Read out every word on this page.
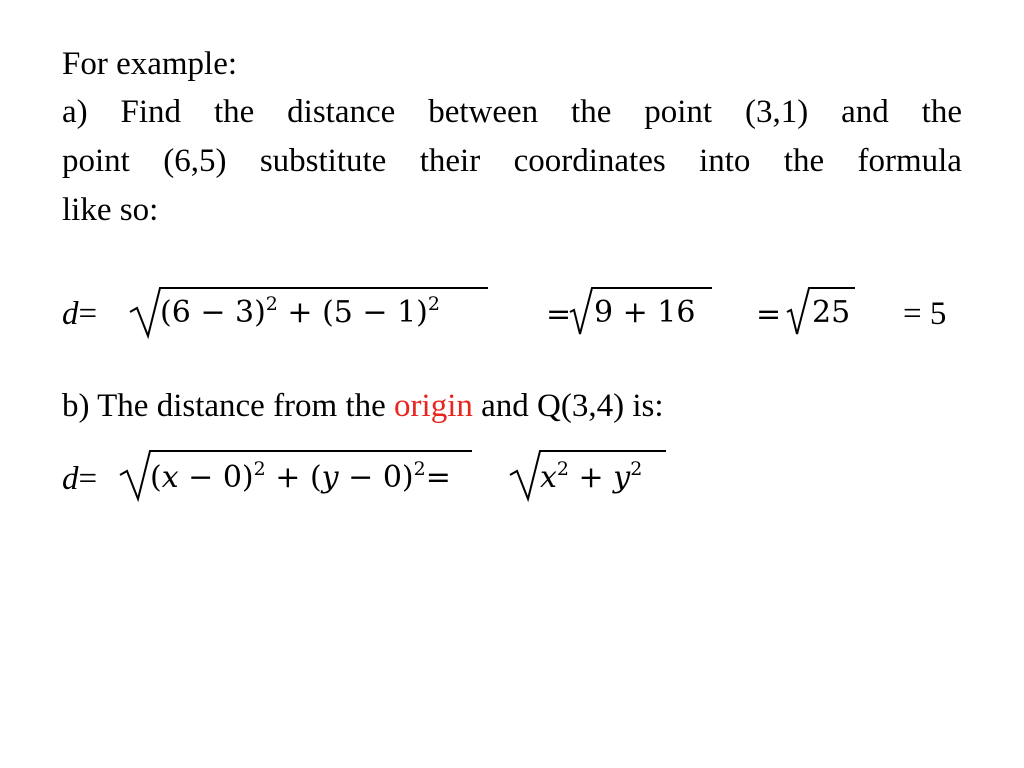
For example:
a) Find the distance between the point (3,1) and the
point (6,5) substitute their coordinates into the formula
like so:
$d= (6 - 3)^2 + (5 - 1)^2$	= 9 + 16 = 25 = 5
b) The distance from the origin and Q(3,4) is:
$d= (x - 0)^2 + (y - 0)^2=$	$x^2 + y^2$
